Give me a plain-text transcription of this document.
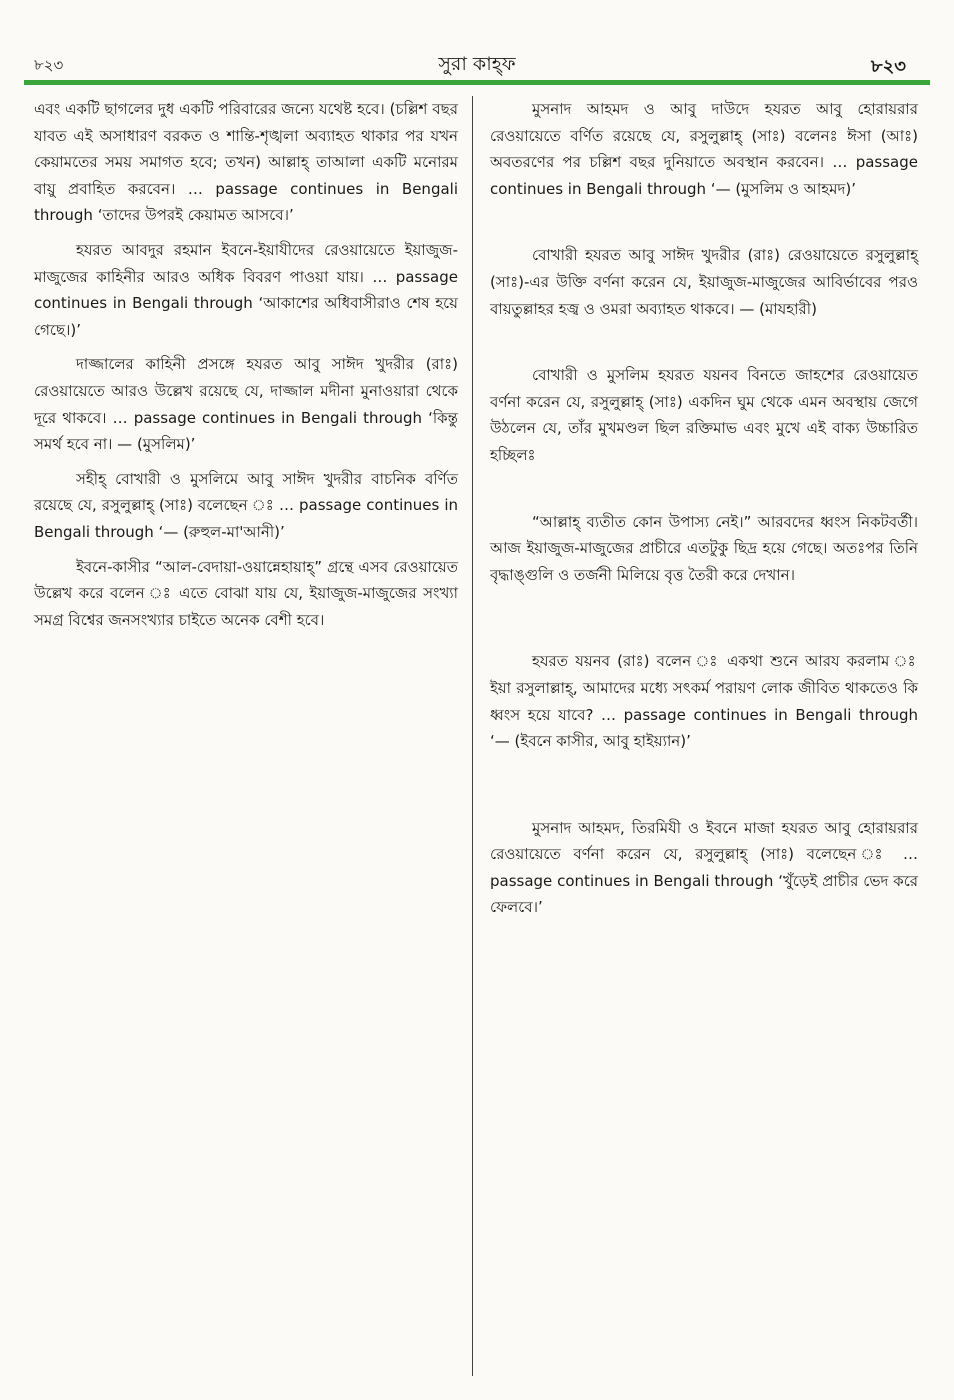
৮২৩	সুরা কাহ্ফ	৮২৩

এবং একটি ছাগলের দুধ একটি পরিবারের জন্যে যথেষ্ট হবে। (চল্লিশ বছর যাবত এই অসাধারণ বরকত ও শান্তি-শৃঙ্খলা অব্যাহত থাকার পর যখন কেয়ামতের সময় সমাগত হবে; তখন) আল্লাহ্ তাআলা একটি মনোরম বায়ু প্রবাহিত করবেন। … passage continues in Bengali through ‘তাদের উপরই কেয়ামত আসবে।’

হযরত আবদুর রহমান ইবনে-ইয়াযীদের রেওয়ায়েতে ইয়াজুজ-মাজুজের কাহিনীর আরও অধিক বিবরণ পাওয়া যায়। … passage continues in Bengali through ‘আকাশের অধিবাসীরাও শেষ হয়ে গেছে।)’

দাজ্জালের কাহিনী প্রসঙ্গে হযরত আবু সাঈদ খুদরীর (রাঃ) রেওয়ায়েতে আরও উল্লেখ রয়েছে যে, দাজ্জাল মদীনা মুনাওয়ারা থেকে দূরে থাকবে। … passage continues in Bengali through ‘কিন্তু সমর্থ হবে না। — (মুসলিম)’

সহীহ্ বোখারী ও মুসলিমে আবু সাঈদ খুদরীর বাচনিক বর্ণিত রয়েছে যে, রসুলুল্লাহ্ (সাঃ) বলেছেন ঃ … passage continues in Bengali through ‘— (রুহুল-মা'আনী)’

ইবনে-কাসীর “আল-বেদায়া-ওয়ান্নেহায়াহ্” গ্রন্থে এসব রেওয়ায়েত উল্লেখ করে বলেন ঃ এতে বোঝা যায় যে, ইয়াজুজ-মাজুজের সংখ্যা সমগ্র বিশ্বের জনসংখ্যার চাইতে অনেক বেশী হবে।

মুসনাদ আহমদ ও আবু দাউদে হযরত আবু হোরায়রার রেওয়ায়েতে বর্ণিত রয়েছে যে, রসুলুল্লাহ্ (সাঃ) বলেনঃ ঈসা (আঃ) অবতরণের পর চল্লিশ বছর দুনিয়াতে অবস্থান করবেন। … passage continues in Bengali through ‘— (মুসলিম ও আহমদ)’

বোখারী হযরত আবু সাঈদ খুদরীর (রাঃ) রেওয়ায়েতে রসুলুল্লাহ্ (সাঃ)-এর উক্তি বর্ণনা করেন যে, ইয়াজুজ-মাজুজের আবির্ভাবের পরও বায়তুল্লাহর হজ্ব ও ওমরা অব্যাহত থাকবে। — (মাযহারী)

বোখারী ও মুসলিম হযরত যয়নব বিনতে জাহশের রেওয়ায়েত বর্ণনা করেন যে, রসুলুল্লাহ্ (সাঃ) একদিন ঘুম থেকে এমন অবস্থায় জেগে উঠলেন যে, তাঁর মুখমণ্ডল ছিল রক্তিমাভ এবং মুখে এই বাক্য উচ্চারিত হচ্ছিলঃ

“আল্লাহ্ ব্যতীত কোন উপাস্য নেই।” আরবদের ধ্বংস নিকটবর্তী। আজ ইয়াজুজ-মাজুজের প্রাচীরে এতটুকু ছিদ্র হয়ে গেছে। অতঃপর তিনি বৃদ্ধাঙ্গুলি ও তর্জনী মিলিয়ে বৃত্ত তৈরী করে দেখান।

হযরত যয়নব (রাঃ) বলেন ঃ একথা শুনে আরয করলাম ঃ ইয়া রসুলাল্লাহ্, আমাদের মধ্যে সৎকর্ম পরায়ণ লোক জীবিত থাকতেও কি ধ্বংস হয়ে যাবে? … passage continues in Bengali through ‘— (ইবনে কাসীর, আবু হাইয়্যান)’

মুসনাদ আহমদ, তিরমিযী ও ইবনে মাজা হযরত আবু হোরায়রার রেওয়ায়েতে বর্ণনা করেন যে, রসুলুল্লাহ্ (সাঃ) বলেছেন ঃ … passage continues in Bengali through ‘খুঁড়েই প্রাচীর ভেদ করে ফেলবে।’
